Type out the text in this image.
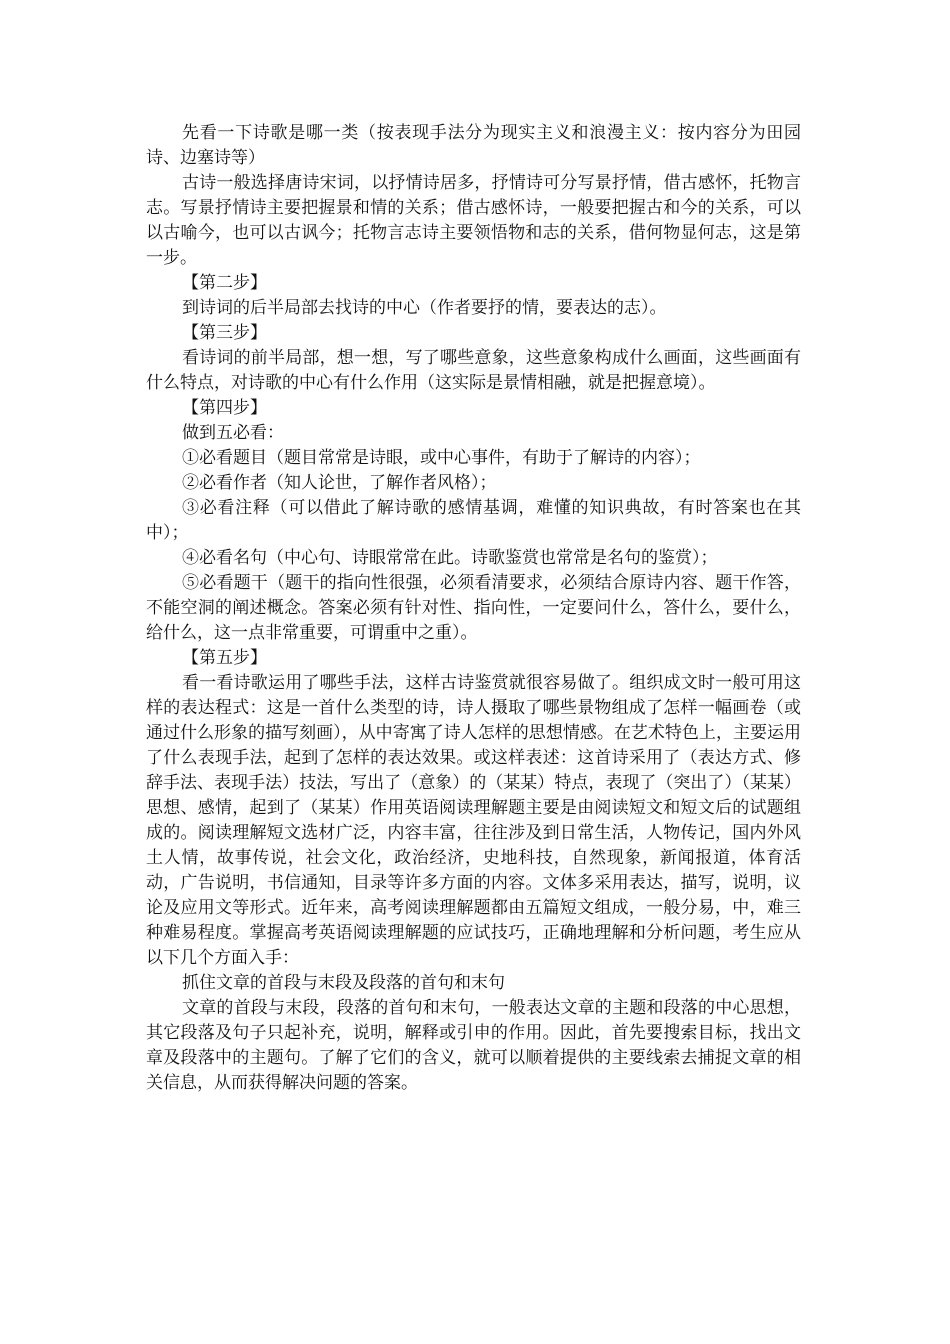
先看一下诗歌是哪一类（按表现手法分为现实主义和浪漫主义：按内容分为田园诗、边塞诗等）

古诗一般选择唐诗宋词，以抒情诗居多，抒情诗可分写景抒情，借古感怀，托物言志。写景抒情诗主要把握景和情的关系；借古感怀诗，一般要把握古和今的关系，可以以古喻今，也可以古讽今；托物言志诗主要领悟物和志的关系，借何物显何志，这是第一步。

【第二步】

到诗词的后半局部去找诗的中心（作者要抒的情，要表达的志）。

【第三步】

看诗词的前半局部，想一想，写了哪些意象，这些意象构成什么画面，这些画面有什么特点，对诗歌的中心有什么作用（这实际是景情相融，就是把握意境）。

【第四步】

做到五必看：

①必看题目（题目常常是诗眼，或中心事件，有助于了解诗的内容）；

②必看作者（知人论世，了解作者风格）；

③必看注释（可以借此了解诗歌的感情基调，难懂的知识典故，有时答案也在其中）；

④必看名句（中心句、诗眼常常在此。诗歌鉴赏也常常是名句的鉴赏）；

⑤必看题干（题干的指向性很强，必须看清要求，必须结合原诗内容、题干作答，不能空洞的阐述概念。答案必须有针对性、指向性，一定要问什么，答什么，要什么，给什么，这一点非常重要，可谓重中之重）。

【第五步】

看一看诗歌运用了哪些手法，这样古诗鉴赏就很容易做了。组织成文时一般可用这样的表达程式：这是一首什么类型的诗，诗人摄取了哪些景物组成了怎样一幅画卷（或通过什么形象的描写刻画），从中寄寓了诗人怎样的思想情感。在艺术特色上，主要运用了什么表现手法，起到了怎样的表达效果。或这样表述：这首诗采用了（表达方式、修辞手法、表现手法）技法，写出了（意象）的（某某）特点，表现了（突出了）（某某）思想、感情，起到了（某某）作用英语阅读理解题主要是由阅读短文和短文后的试题组成的。阅读理解短文选材广泛，内容丰富，往往涉及到日常生活，人物传记，国内外风土人情，故事传说，社会文化，政治经济，史地科技，自然现象，新闻报道，体育活动，广告说明，书信通知，目录等许多方面的内容。文体多采用表达，描写，说明，议论及应用文等形式。近年来，高考阅读理解题都由五篇短文组成，一般分易，中，难三种难易程度。掌握高考英语阅读理解题的应试技巧，正确地理解和分析问题，考生应从以下几个方面入手：

抓住文章的首段与末段及段落的首句和末句

文章的首段与末段，段落的首句和末句，一般表达文章的主题和段落的中心思想，其它段落及句子只起补充，说明，解释或引申的作用。因此，首先要搜索目标，找出文章及段落中的主题句。了解了它们的含义，就可以顺着提供的主要线索去捕捉文章的相关信息，从而获得解决问题的答案。
